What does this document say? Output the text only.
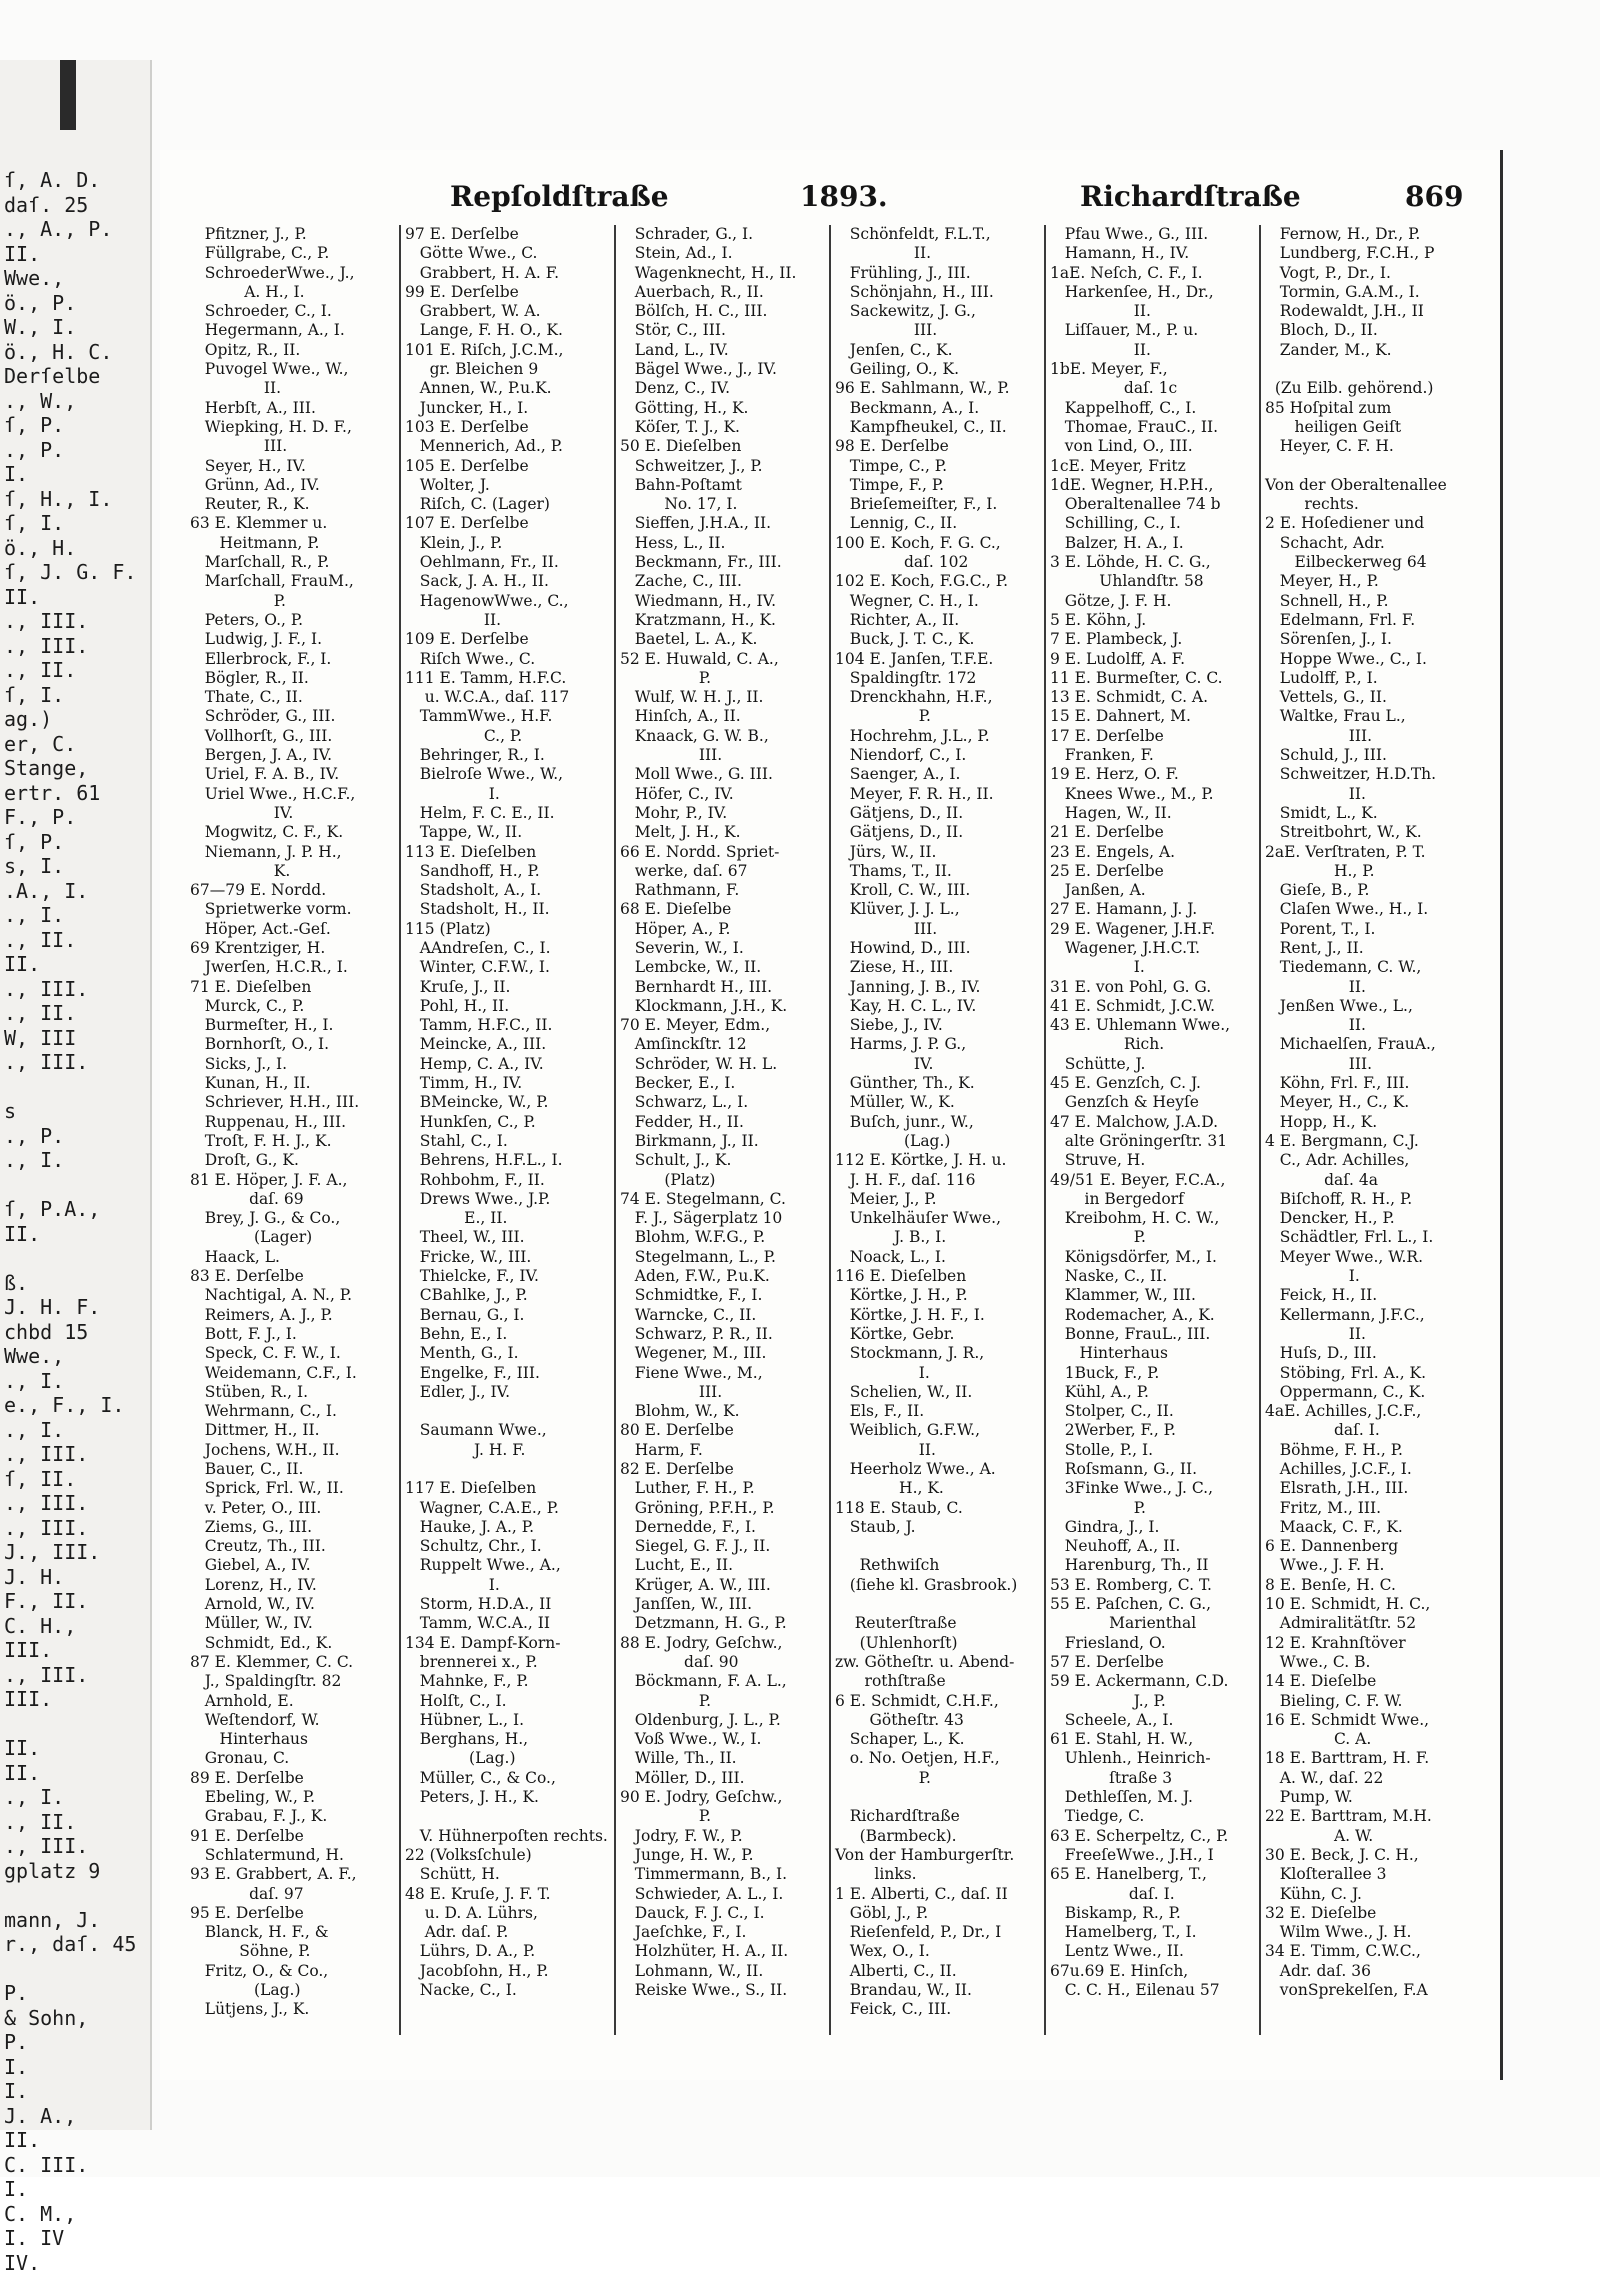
ſ, A. D.
daſ. 25
., A., P.
II.
Wwe.,
ö., P.
W., I.
ö., H. C.
Derſelbe
., W.,
ſ, P.
., P.
I.
ſ, H., I.
ſ, I.
ö., H.
ſ, J. G. F.
II.
., III.
., III.
., II.
ſ, I.
ag.)
er, C.
Stange,
ertr. 61
F., P.
ſ, P.
s, I.
.A., I.
., I.
., II.
II.
., III.
., II.
W, III
., III.
s
., P.
., I.
ſ, P.A.,
II.
ß.
J. H. F.
chbd 15
Wwe.,
., I.
e., F., I.
., I.
., III.
ſ, II.
., III.
., III.
J., III.
J. H.
F., II.
C. H.,
III.
., III.
III.
II.
II.
., I.
., II.
., III.
gplatz 9
mann, J.
r., daſ. 45
P.
& Sohn,
P.
I.
I.
J. A.,
II.
C. III.
I.
C. M.,
I. IV
IV.
Repſoldſtraße	1893.	Richardſtraße	869
Pfitzner, J., P.
Füllgrabe, C., P.
SchroederWwe., J.,
A. H., I.
Schroeder, C., I.
Hegermann, A., I.
Opitz, R., II.
Puvogel Wwe., W.,
II.
Herbſt, A., III.
Wiepking, H. D. F.,
III.
Seyer, H., IV.
Grünn, Ad., IV.
Reuter, R., K.
63 E. Klemmer u.
Heitmann, P.
Marſchall, R., P.
Marſchall, FrauM.,
P.
Peters, O., P.
Ludwig, J. F., I.
Ellerbrock, F., I.
Bögler, R., II.
Thate, C., II.
Schröder, G., III.
Vollhorſt, G., III.
Bergen, J. A., IV.
Uriel, F. A. B., IV.
Uriel Wwe., H.C.F.,
IV.
Mogwitz, C. F., K.
Niemann, J. P. H.,
K.
67—79 E. Nordd.
Sprietwerke vorm.
Höper, Act.-Geſ.
69 Krentziger, H.
Jwerſen, H.C.R., I.
71 E. Dieſelben
Murck, C., P.
Burmeſter, H., I.
Bornhorſt, O., I.
Sicks, J., I.
Kunan, H., II.
Schriever, H.H., III.
Ruppenau, H., III.
Troſt, F. H. J., K.
Droſt, G., K.
81 E. Höper, J. F. A.,
daſ. 69
Brey, J. G., & Co.,
(Lager)
Haack, L.
83 E. Derſelbe
Nachtigal, A. N., P.
Reimers, A. J., P.
Bott, F. J., I.
Speck, C. F. W., I.
Weidemann, C.F., I.
Stüben, R., I.
Wehrmann, C., I.
Dittmer, H., II.
Jochens, W.H., II.
Bauer, C., II.
Sprick, Frl. W., II.
v. Peter, O., III.
Ziems, G., III.
Creutz, Th., III.
Giebel, A., IV.
Lorenz, H., IV.
Arnold, W., IV.
Müller, W., IV.
Schmidt, Ed., K.
87 E. Klemmer, C. C.
J., Spaldingſtr. 82
Arnhold, E.
Weſtendorf, W.
Hinterhaus
Gronau, C.
89 E. Derſelbe
Ebeling, W., P.
Grabau, F. J., K.
91 E. Derſelbe
Schlatermund, H.
93 E. Grabbert, A. F.,
daſ. 97
95 E. Derſelbe
Blanck, H. F., &
Söhne, P.
Fritz, O., & Co.,
(Lag.)
Lütjens, J., K.
97 E. Derſelbe
Götte Wwe., C.
Grabbert, H. A. F.
99 E. Derſelbe
Grabbert, W. A.
Lange, F. H. O., K.
101 E. Riſch, J.C.M.,
gr. Bleichen 9
Annen, W., P.u.K.
Juncker, H., I.
103 E. Derſelbe
Mennerich, Ad., P.
105 E. Derſelbe
Wolter, J.
Riſch, C. (Lager)
107 E. Derſelbe
Klein, J., P.
Oehlmann, Fr., II.
Sack, J. A. H., II.
HagenowWwe., C.,
II.
109 E. Derſelbe
Riſch Wwe., C.
111 E. Tamm, H.F.C.
u. W.C.A., daſ. 117
TammWwe., H.F.
C., P.
Behringer, R., I.
Bielroſe Wwe., W.,
I.
Helm, F. C. E., II.
Tappe, W., II.
113 E. Dieſelben
Sandhoff, H., P.
Stadsholt, A., I.
Stadsholt, H., II.
115 (Platz)
AAndreſen, C., I.
Winter, C.F.W., I.
Kruſe, J., II.
Pohl, H., II.
Tamm, H.F.C., II.
Meincke, A., III.
Hemp, C. A., IV.
Timm, H., IV.
BMeincke, W., P.
Hunkſen, C., P.
Stahl, C., I.
Behrens, H.F.L., I.
Rohbohm, F., II.
Drews Wwe., J.P.
E., II.
Theel, W., III.
Fricke, W., III.
Thielcke, F., IV.
CBahlke, J., P.
Bernau, G., I.
Behn, E., I.
Menth, G., I.
Engelke, F., III.
Edler, J., IV.
Saumann Wwe.,
J. H. F.
117 E. Dieſelben
Wagner, C.A.E., P.
Hauke, J. A., P.
Schultz, Chr., I.
Ruppelt Wwe., A.,
I.
Storm, H.D.A., II
Tamm, W.C.A., II
134 E. Dampf-Korn-
brennerei x., P.
Mahnke, F., P.
Holſt, C., I.
Hübner, L., I.
Berghans, H.,
(Lag.)
Müller, C., & Co.,
Peters, J. H., K.
V. Hühnerpoſten rechts.
22 (Volksſchule)
Schütt, H.
48 E. Kruſe, J. F. T.
u. D. A. Lührs,
Adr. daſ. P.
Lührs, D. A., P.
Jacobſohn, H., P.
Nacke, C., I.
Schrader, G., I.
Stein, Ad., I.
Wagenknecht, H., II.
Auerbach, R., II.
Bölſch, H. C., III.
Stör, C., III.
Land, L., IV.
Bägel Wwe., J., IV.
Denz, C., IV.
Götting, H., K.
Köſer, T. J., K.
50 E. Dieſelben
Schweitzer, J., P.
Bahn-Poſtamt
No. 17, I.
Sieffen, J.H.A., II.
Hess, L., II.
Beckmann, Fr., III.
Zache, C., III.
Wiedmann, H., IV.
Kratzmann, H., K.
Baetel, L. A., K.
52 E. Huwald, C. A.,
P.
Wulf, W. H. J., II.
Hinſch, A., II.
Knaack, G. W. B.,
III.
Moll Wwe., G. III.
Höfer, C., IV.
Mohr, P., IV.
Melt, J. H., K.
66 E. Nordd. Spriet-
werke, daſ. 67
Rathmann, F.
68 E. Dieſelbe
Höper, A., P.
Severin, W., I.
Lembcke, W., II.
Bernhardt H., III.
Klockmann, J.H., K.
70 E. Meyer, Edm.,
Amſinckſtr. 12
Schröder, W. H. L.
Becker, E., I.
Schwarz, L., I.
Fedder, H., II.
Birkmann, J., II.
Schult, J., K.
(Platz)
74 E. Stegelmann, C.
F. J., Sägerplatz 10
Blohm, W.F.G., P.
Stegelmann, L., P.
Aden, F.W., P.u.K.
Schmidtke, F., I.
Warncke, C., II.
Schwarz, P. R., II.
Wegener, M., III.
Fiene Wwe., M.,
III.
Blohm, W., K.
80 E. Derſelbe
Harm, F.
82 E. Derſelbe
Luther, F. H., P.
Gröning, P.F.H., P.
Dernedde, F., I.
Siegel, G. F. J., II.
Lucht, E., II.
Krüger, A. W., III.
Janſſen, W., III.
Detzmann, H. G., P.
88 E. Jodry, Geſchw.,
daſ. 90
Böckmann, F. A. L.,
P.
Oldenburg, J. L., P.
Voß Wwe., W., I.
Wille, Th., II.
Möller, D., III.
90 E. Jodry, Geſchw.,
P.
Jodry, F. W., P.
Junge, H. W., P.
Timmermann, B., I.
Schwieder, A. L., I.
Dauck, F. J. C., I.
Jaeſchke, F., I.
Holzhüter, H. A., II.
Lohmann, W., II.
Reiske Wwe., S., II.
Schönfeldt, F.L.T.,
II.
Frühling, J., III.
Schönjahn, H., III.
Sackewitz, J. G.,
III.
Jenſen, C., K.
Geiling, O., K.
96 E. Sahlmann, W., P.
Beckmann, A., I.
Kampfheukel, C., II.
98 E. Derſelbe
Timpe, C., P.
Timpe, F., P.
Brieſemeiſter, F., I.
Lennig, C., II.
100 E. Koch, F. G. C.,
daſ. 102
102 E. Koch, F.G.C., P.
Wegner, C. H., I.
Richter, A., II.
Buck, J. T. C., K.
104 E. Janſen, T.F.E.
Spaldingſtr. 172
Drenckhahn, H.F.,
P.
Hochrehm, J.L., P.
Niendorf, C., I.
Saenger, A., I.
Meyer, F. R. H., II.
Gätjens, D., II.
Gätjens, D., II.
Jürs, W., II.
Thams, T., II.
Kroll, C. W., III.
Klüver, J. J. L.,
III.
Howind, D., III.
Ziese, H., III.
Janning, J. B., IV.
Kay, H. C. L., IV.
Siebe, J., IV.
Harms, J. P. G.,
IV.
Günther, Th., K.
Müller, W., K.
Buſch, junr., W.,
(Lag.)
112 E. Körtke, J. H. u.
J. H. F., daſ. 116
Meier, J., P.
Unkelhäuſer Wwe.,
J. B., I.
Noack, L., I.
116 E. Dieſelben
Körtke, J. H., P.
Körtke, J. H. F., I.
Körtke, Gebr.
Stockmann, J. R.,
I.
Schelien, W., II.
Els, F., II.
Weiblich, G.F.W.,
II.
Heerholz Wwe., A.
H., K.
118 E. Staub, C.
Staub, J.
Rethwiſch
(ſiehe kl. Grasbrook.)
Reuterſtraße
(Uhlenhorſt)
zw. Götheſtr. u. Abend-
rothſtraße
6 E. Schmidt, C.H.F.,
Götheſtr. 43
Schaper, L., K.
o. No. Oetjen, H.F.,
P.
Richardſtraße
(Barmbeck).
Von der Hamburgerſtr.
links.
1 E. Alberti, C., daſ. II
Göbl, J., P.
Rieſenfeld, P., Dr., I
Wex, O., I.
Alberti, C., II.
Brandau, W., II.
Feick, C., III.
Pfau Wwe., G., III.
Hamann, H., IV.
1aE. Neſch, C. F., I.
Harkenſee, H., Dr.,
II.
Liſſauer, M., P. u.
II.
1bE. Meyer, F.,
daſ. 1c
Kappelhoff, C., I.
Thomae, FrauC., II.
von Lind, O., III.
1cE. Meyer, Fritz
1dE. Wegner, H.P.H.,
Oberaltenallee 74 b
Schilling, C., I.
Balzer, H. A., I.
3 E. Löhde, H. C. G.,
Uhlandſtr. 58
Götze, J. F. H.
5 E. Köhn, J.
7 E. Plambeck, J.
9 E. Ludolff, A. F.
11 E. Burmeſter, C. C.
13 E. Schmidt, C. A.
15 E. Dahnert, M.
17 E. Derſelbe
Franken, F.
19 E. Herz, O. F.
Knees Wwe., M., P.
Hagen, W., II.
21 E. Derſelbe
23 E. Engels, A.
25 E. Derſelbe
Janßen, A.
27 E. Hamann, J. J.
29 E. Wagener, J.H.F.
Wagener, J.H.C.T.
I.
31 E. von Pohl, G. G.
41 E. Schmidt, J.C.W.
43 E. Uhlemann Wwe.,
Rich.
Schütte, J.
45 E. Genzſch, C. J.
Genzſch & Heyſe
47 E. Malchow, J.A.D.
alte Gröningerſtr. 31
Struve, H.
49/51 E. Beyer, F.C.A.,
in Bergedorf
Kreibohm, H. C. W.,
P.
Königsdörfer, M., I.
Naske, C., II.
Klammer, W., III.
Rodemacher, A., K.
Bonne, FrauL., III.
Hinterhaus
1Buck, F., P.
Kühl, A., P.
Stolper, C., II.
2Werber, F., P.
Stolle, P., I.
Roſsmann, G., II.
3Finke Wwe., J. C.,
P.
Gindra, J., I.
Neuhoff, A., II.
Harenburg, Th., II
53 E. Romberg, C. T.
55 E. Paſchen, C. G.,
Marienthal
Friesland, O.
57 E. Derſelbe
59 E. Ackermann, C.D.
J., P.
Scheele, A., I.
61 E. Stahl, H. W.,
Uhlenh., Heinrich-
ſtraße 3
Dethleſſen, M. J.
Tiedge, C.
63 E. Scherpeltz, C., P.
FreeſeWwe., J.H., I
65 E. Hanelberg, T.,
daſ. I.
Biskamp, R., P.
Hamelberg, T., I.
Lentz Wwe., II.
67u.69 E. Hinſch,
C. C. H., Eilenau 57
Fernow, H., Dr., P.
Lundberg, F.C.H., P
Vogt, P., Dr., I.
Tormin, G.A.M., I.
Rodewaldt, J.H., II
Bloch, D., II.
Zander, M., K.
(Zu Eilb. gehörend.)
85 Hoſpital zum
heiligen Geiſt
Heyer, C. F. H.
Von der Oberaltenallee
rechts.
2 E. Hoſediener und
Schacht, Adr.
Eilbeckerweg 64
Meyer, H., P.
Schnell, H., P.
Edelmann, Frl. F.
Sörenſen, J., I.
Hoppe Wwe., C., I.
Ludolff, P., I.
Vettels, G., II.
Waltke, Frau L.,
III.
Schuld, J., III.
Schweitzer, H.D.Th.
II.
Smidt, L., K.
Streitbohrt, W., K.
2aE. Verſtraten, P. T.
H., P.
Gieſe, B., P.
Claſen Wwe., H., I.
Porent, T., I.
Rent, J., II.
Tiedemann, C. W.,
II.
Jenßen Wwe., L.,
II.
Michaelſen, FrauA.,
III.
Köhn, Frl. F., III.
Meyer, H., C., K.
Hopp, H., K.
4 E. Bergmann, C.J.
C., Adr. Achilles,
daſ. 4a
Biſchoff, R. H., P.
Dencker, H., P.
Schädtler, Frl. L., I.
Meyer Wwe., W.R.
I.
Feick, H., II.
Kellermann, J.F.C.,
II.
Huſs, D., III.
Stöbing, Frl. A., K.
Oppermann, C., K.
4aE. Achilles, J.C.F.,
daſ. I.
Böhme, F. H., P.
Achilles, J.C.F., I.
Elsrath, J.H., III.
Fritz, M., III.
Maack, C. F., K.
6 E. Dannenberg
Wwe., J. F. H.
8 E. Benſe, H. C.
10 E. Schmidt, H. C.,
Admiralitätſtr. 52
12 E. Krahnſtöver
Wwe., C. B.
14 E. Dieſelbe
Bieling, C. F. W.
16 E. Schmidt Wwe.,
C. A.
18 E. Barttram, H. F.
A. W., daſ. 22
Pump, W.
22 E. Barttram, M.H.
A. W.
30 E. Beck, J. C. H.,
Kloſterallee 3
Kühn, C. J.
32 E. Dieſelbe
Wilm Wwe., J. H.
34 E. Timm, C.W.C.,
Adr. daſ. 36
vonSprekelſen, F.A
